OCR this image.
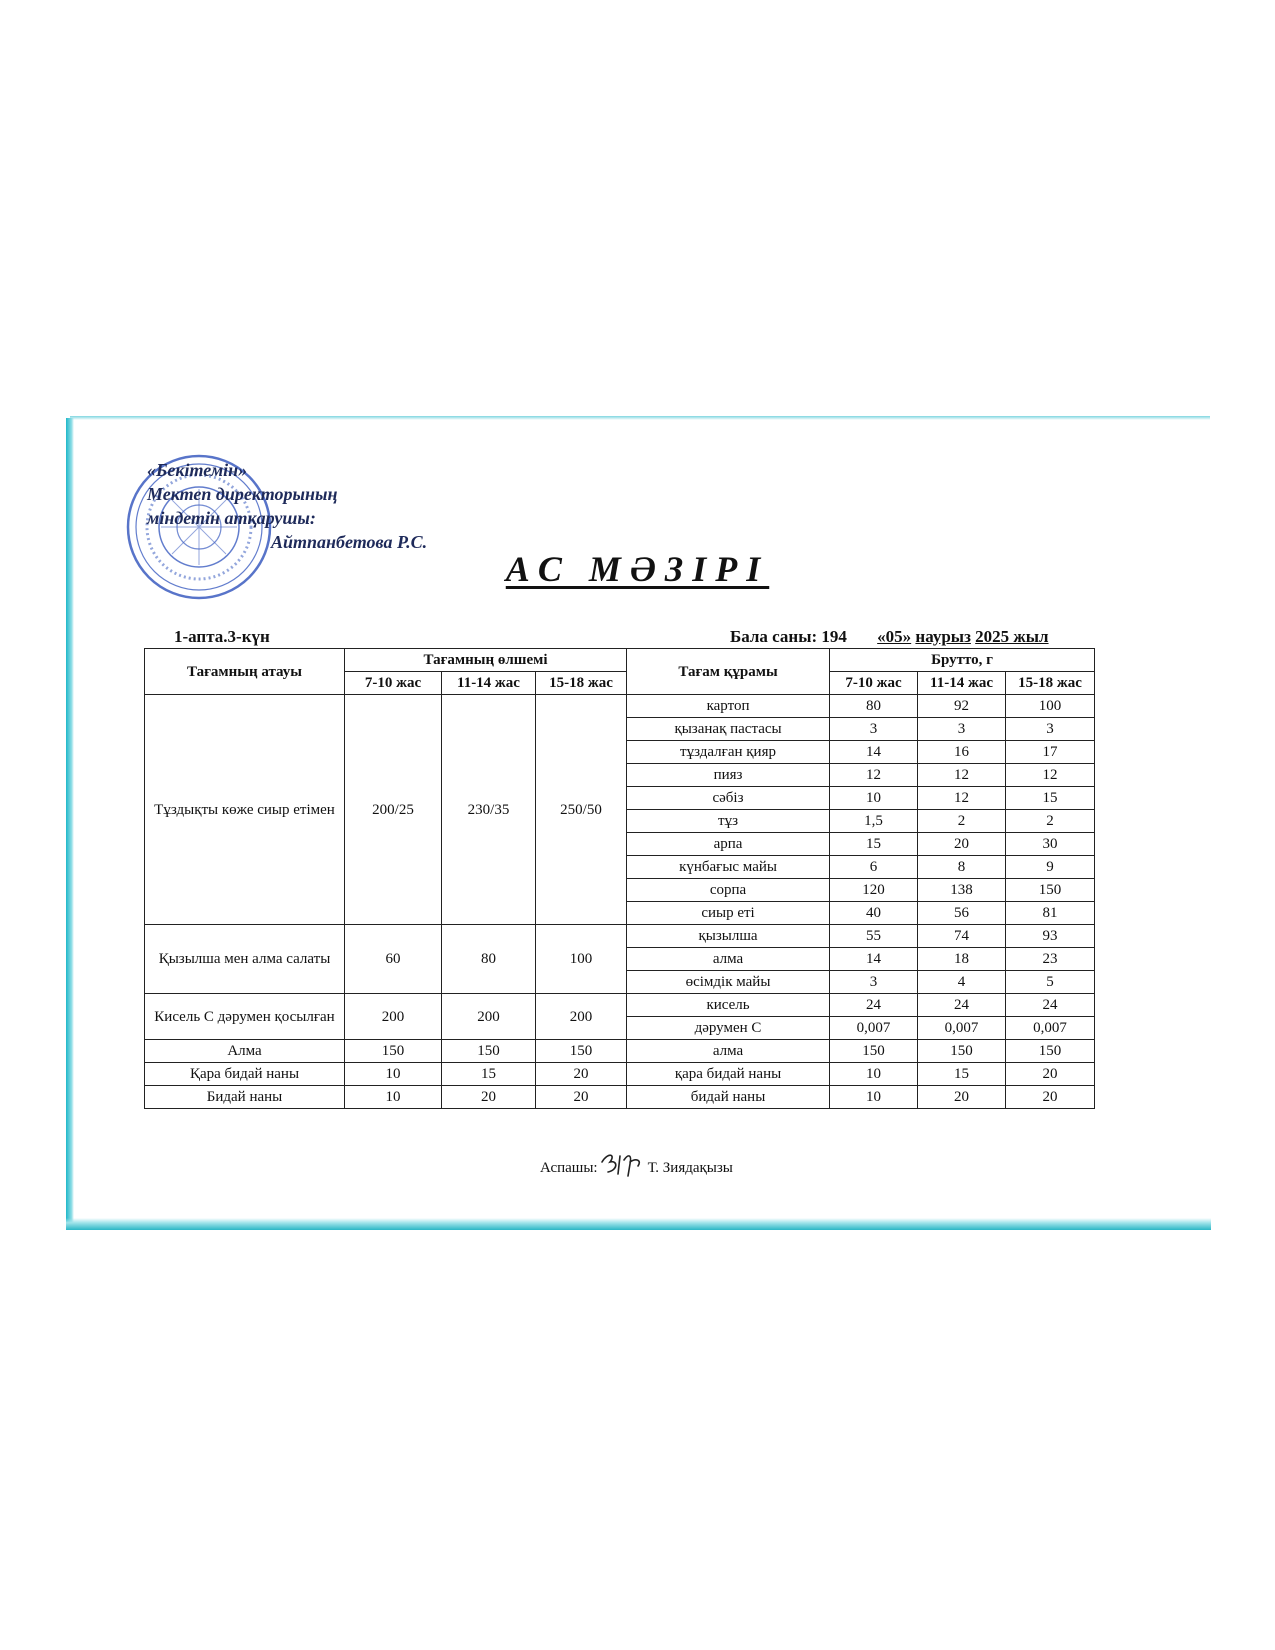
«Бекітемін»
Мектеп директорының
міндетін атқарушы:
Айтпанбетова Р.С.
АС МӘЗІРІ
1-апта.3-күн	Бала саны: 194 «05» наурыз 2025 жыл
Тағамның атауы	Тағамның өлшемі			Тағам құрамы	Брутто, г		
	7-10 жас	11-14 жас	15-18 жас		7-10 жас	11-14 жас	15-18 жас
Тұздықты көже сиыр етімен	200/25	230/35	250/50	картоп	80	92	100
				қызанақ пастасы	3	3	3
				тұздалған қияр	14	16	17
				пияз	12	12	12
				сәбіз	10	12	15
				тұз	1,5	2	2
				арпа	15	20	30
				күнбағыс майы	6	8	9
				сорпа	120	138	150
				сиыр еті	40	56	81
Қызылша мен алма салаты	60	80	100	қызылша	55	74	93
				алма	14	18	23
				өсімдік майы	3	4	5
Кисель С дәрумен қосылған	200	200	200	кисель	24	24	24
				дәрумен С	0,007	0,007	0,007
Алма	150	150	150	алма	150	150	150
Қара бидай наны	10	15	20	қара бидай наны	10	15	20
Бидай наны	10	20	20	бидай наны	10	20	20
Аспашы:	Т. Зиядақызы
